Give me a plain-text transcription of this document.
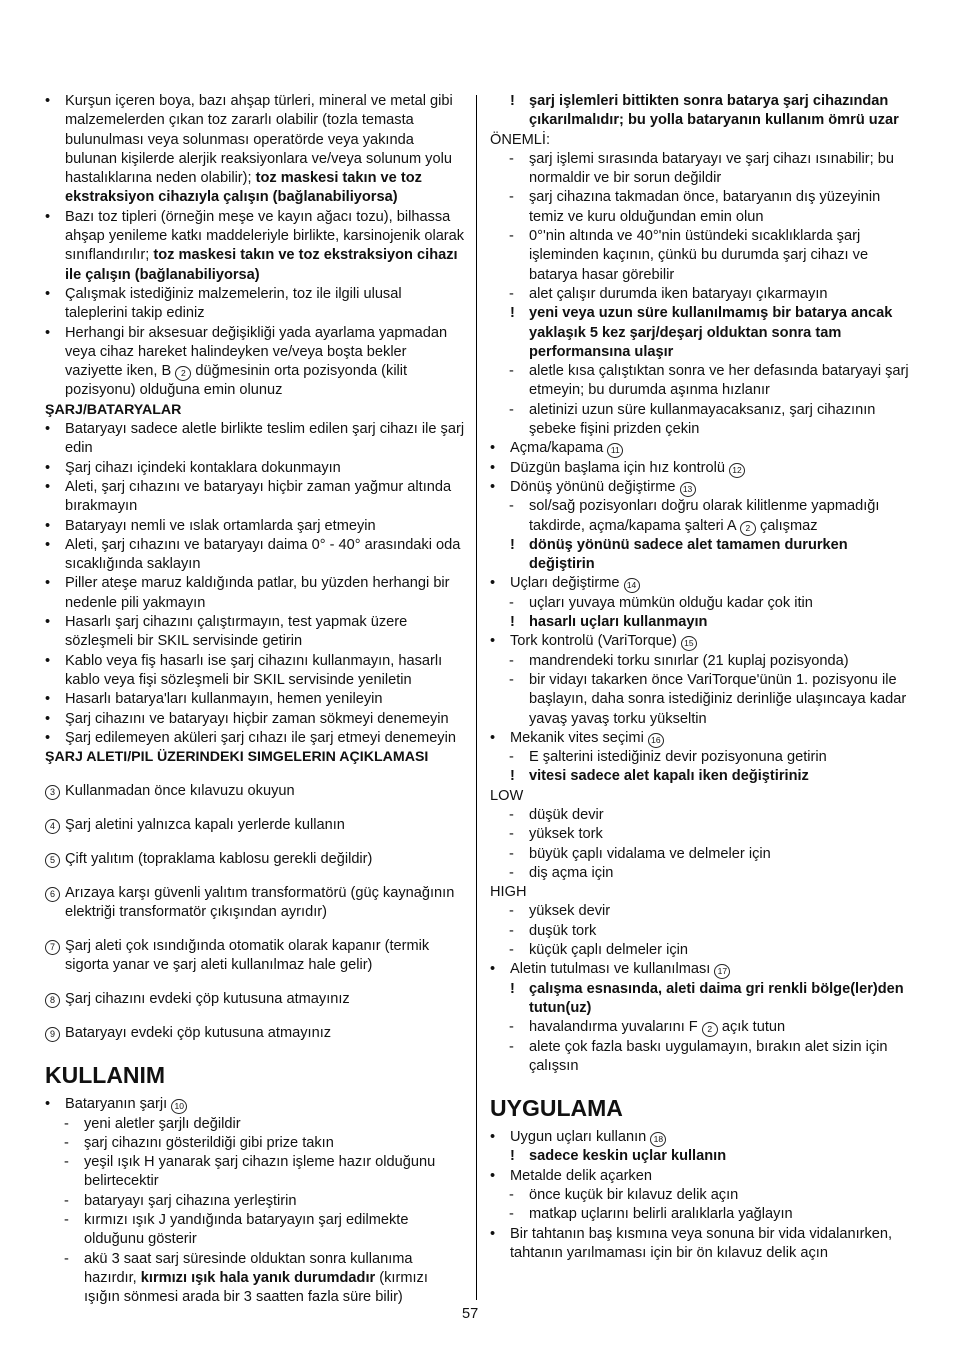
• Kurşun içeren boya, bazı ahşap türleri, mineral ve metal gibi malzemelerden çıkan toz zararlı olabilir (tozla temasta bulunulması veya solunması operatörde veya yakında bulunan kişilerde alerjik reaksiyonlara ve/veya solunum yolu hastalıklarına neden olabilir); toz maskesi takın ve toz ekstraksiyon cihazıyla çalışın (bağlanabiliyorsa)

• Bazı toz tipleri (örneğin meşe ve kayın ağacı tozu), bilhassa ahşap yenileme katkı maddeleriyle birlikte, karsinojenik olarak sınıflandırılır; toz maskesi takın ve toz ekstraksiyon cihazı ile çalışın (bağlanabiliyorsa)

• Çalışmak istediğiniz malzemelerin, toz ile ilgili ulusal taleplerini takip ediniz

• Herhangi bir aksesuar değişikliği yada ayarlama yapmadan veya cihaz hareket halindeyken ve/veya boşta bekler vaziyette iken, B 2 düğmesinin orta pozisyonda (kilit pozisyonu) olduğuna emin olunuz

ŞARJ/BATARYALAR

• Bataryayı sadece aletle birlikte teslim edilen şarj cihazı ile şarj edin

• Şarj cihazı içindeki kontaklara dokunmayın

• Aleti, şarj cıhazını ve bataryayı hiçbir zaman yağmur altında bırakmayın

• Bataryayı nemli ve ıslak ortamlarda şarj etmeyin

• Aleti, şarj cıhazını ve bataryayı daima 0° - 40° arasındaki oda sıcaklığında saklayın

• Piller ateşe maruz kaldığında patlar, bu yüzden herhangi bir nedenle pili yakmayın

• Hasarlı şarj cihazını çalıştırmayın, test yapmak üzere sözleşmeli bir SKIL servisinde getirin

• Kablo veya fiş hasarlı ise şarj cihazını kullanmayın, hasarlı kablo veya fişi sözleşmeli bir SKIL servisinde yeniletin

• Hasarlı batarya'ları kullanmayın, hemen yenileyin

• Şarj cihazını ve bataryayı hiçbir zaman sökmeyi denemeyin

• Şarj edilemeyen aküleri şarj cıhazı ile şarj etmeyi denemeyin

ŞARJ ALETI/PIL ÜZERINDEKI SIMGELERIN AÇIKLAMASI

3 Kullanmadan önce kılavuzu okuyun

4 Şarj aletini yalnızca kapalı yerlerde kullanın

5 Çift yalıtım (topraklama kablosu gerekli değildir)

6 Arızaya karşı güvenli yalıtım transformatörü (güç kaynağının elektriği transformatör çıkışından ayrıdır)

7 Şarj aleti çok ısındığında otomatik olarak kapanır (termik sigorta yanar ve şarj aleti kullanılmaz hale gelir)

8 Şarj cihazını evdeki çöp kutusuna atmayınız

9 Bataryayı evdeki çöp kutusuna atmayınız

KULLANIM

• Bataryanın şarjı 10

- yeni aletler şarjlı değildir

- şarj cihazını gösterildiği gibi prize takın

- yeşil ışık H yanarak şarj cihazın işleme hazır olduğunu belirtecektir

- bataryayı şarj cihazına yerleştirin

- kırmızı ışık J yandığında bataryayın şarj edilmekte olduğunu gösterir

- akü 3 saat sarj süresinde olduktan sonra kullanıma hazırdır, kırmızı ışık hala yanık durumdadır (kırmızı ışığın sönmesi arada bir 3 saatten fazla süre bilir)

! şarj işlemleri bittikten sonra batarya şarj cihazından çıkarılmalıdır; bu yolla bataryanın kullanım ömrü uzar

ÖNEMLİ:

- şarj işlemi sırasında bataryayı ve şarj cihazı ısınabilir; bu normaldir ve bir sorun değildir

- şarj cihazına takmadan önce, bataryanın dış yüzeyinin temiz ve kuru olduğundan emin olun

- 0°'nin altında ve 40°'nin üstündeki sıcaklıklarda şarj işleminden kaçının, çünkü bu durumda şarj cihazı ve batarya hasar görebilir

- alet çalışır durumda iken bataryayı çıkarmayın

! yeni veya uzun süre kullanılmamış bir batarya ancak yaklaşık 5 kez şarj/deşarj olduktan sonra tam performansına ulaşır

- aletle kısa çalıştıktan sonra ve her defasında bataryayi şarj etmeyin; bu durumda aşınma hızlanır

- aletinizi uzun süre kullanmayacaksanız, şarj cihazının şebeke fişini prizden çekin

• Açma/kapama 11

• Düzgün başlama için hız kontrolü 12

• Dönüş yönünü değiştirme 13

- sol/sağ pozisyonları doğru olarak kilitlenme yapmadığı takdirde, açma/kapama şalteri A 2 çalışmaz

! dönüş yönünü sadece alet tamamen dururken değiştirin

• Uçları değiştirme 14

- uçları yuvaya mümkün olduğu kadar çok itin

! hasarlı uçları kullanmayın

• Tork kontrolü (VariTorque) 15

- mandrendeki torku sınırlar (21 kuplaj pozisyonda)

- bir vidayı takarken önce VariTorque'ünün 1. pozisyonu ile başlayın, daha sonra istediğiniz derinliğe ulaşıncaya kadar yavaş yavaş torku yükseltin

• Mekanik vites seçimi 16

- E şalterini istediğiniz devir pozisyonuna getirin

! vitesi sadece alet kapalı iken değiştiriniz

LOW

- düşük devir

- yüksek tork

- büyük çaplı vidalama ve delmeler için

- diş açma için

HIGH

- yüksek devir

- duşük tork

- küçük çaplı delmeler için

• Aletin tutulması ve kullanılması 17

! çalışma esnasında, aleti daima gri renkli bölge(ler)den tutun(uz)

- havalandırma yuvalarını F 2 açık tutun

- alete çok fazla baskı uygulamayın, bırakın alet sizin için çalışsın

UYGULAMA

• Uygun uçları kullanın 18

! sadece keskin uçlar kullanın

• Metalde delik açarken

- önce kuçük bir kılavuz delik açın

- matkap uçlarını belirli aralıklarla yağlayın

• Bir tahtanın baş kısmına veya sonuna bir vida vidalanırken, tahtanın yarılmaması için bir ön kılavuz delik açın

57
